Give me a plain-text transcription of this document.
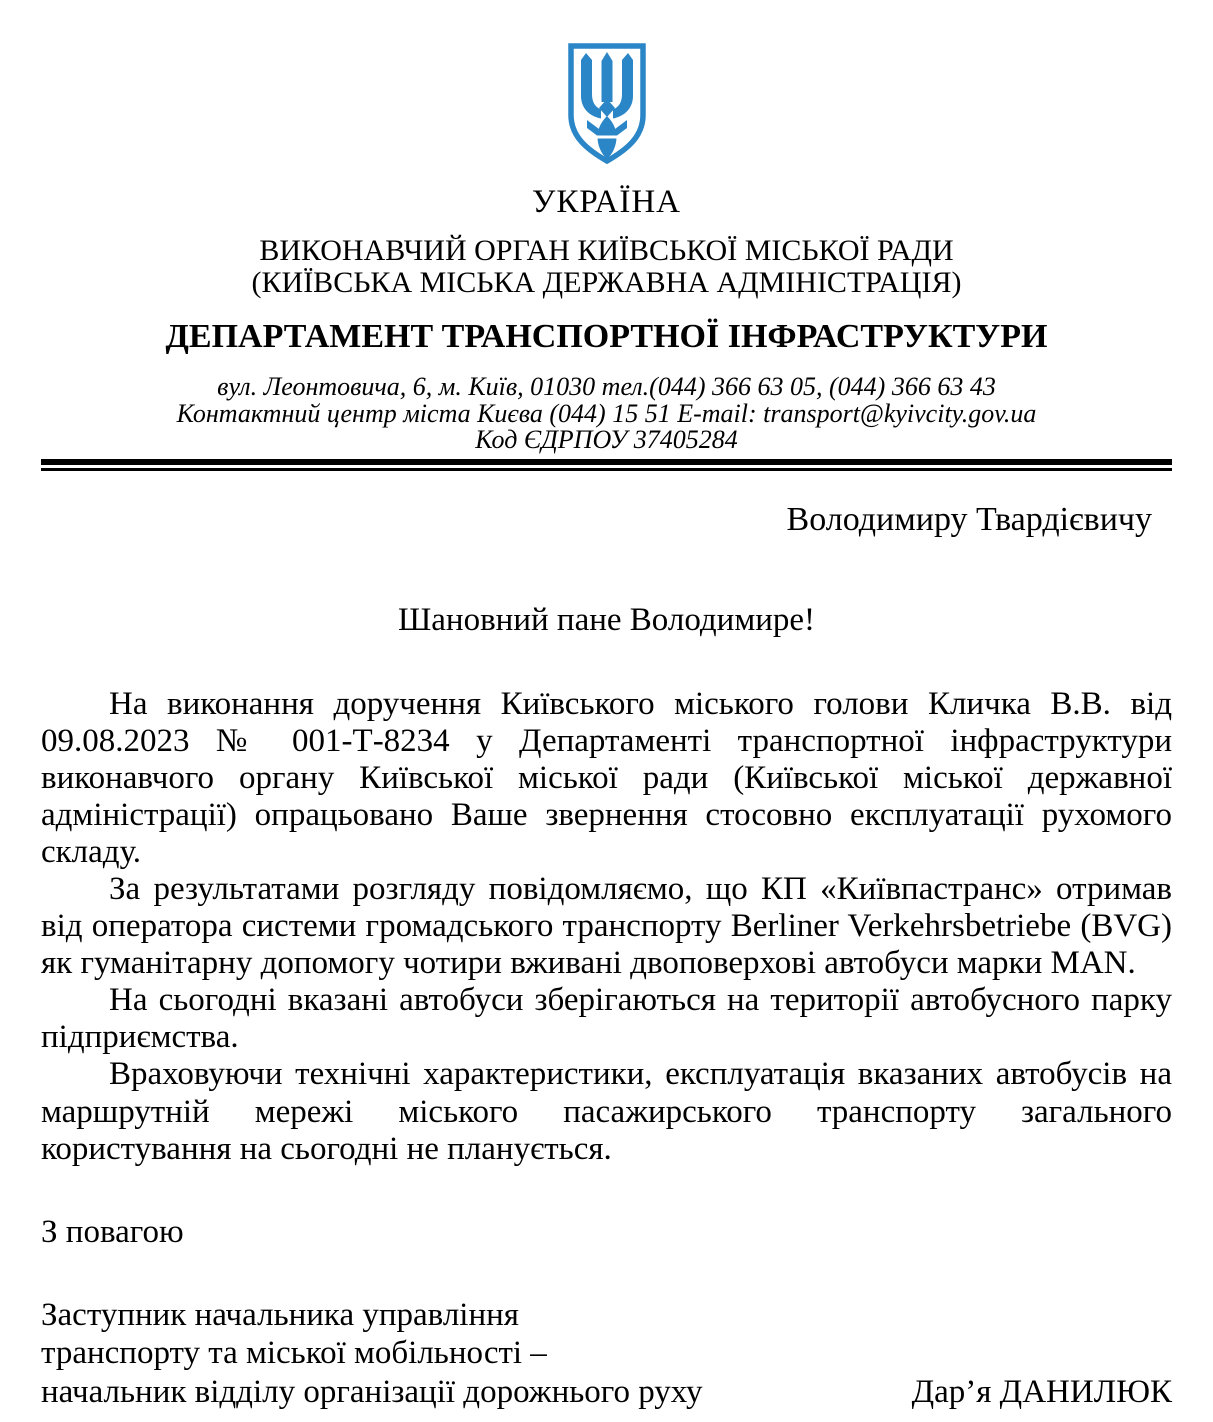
УКРАЇНА
ВИКОНАВЧИЙ ОРГАН КИЇВСЬКОЇ МІСЬКОЇ РАДИ
(КИЇВСЬКА МІСЬКА ДЕРЖАВНА АДМІНІСТРАЦІЯ)
ДЕПАРТАМЕНТ ТРАНСПОРТНОЇ ІНФРАСТРУКТУРИ
вул. Леонтовича, 6, м. Київ, 01030 тел.(044) 366 63 05, (044) 366 63 43
Контактний центр міста Києва (044) 15 51 E-mail: transport@kyivcity.gov.ua
Код ЄДРПОУ 37405284
Володимиру Твардієвичу
Шановний пане Володимире!

На виконання доручення Київського міського голови Кличка В.В. від 09.08.2023 № 001-Т-8234 у Департаменті транспортної інфраструктури виконавчого органу Київської міської ради (Київської міської державної адміністрації) опрацьовано Ваше звернення стосовно експлуатації рухомого складу.

За результатами розгляду повідомляємо, що КП «Київпастранс» отримав від оператора системи громадського транспорту Berliner Verkehrsbetriebe (BVG) як гуманітарну допомогу чотири вживані двоповерхові автобуси марки MAN.

На сьогодні вказані автобуси зберігаються на території автобусного парку підприємства.

Враховуючи технічні характеристики, експлуатація вказаних автобусів на маршрутній мережі міського пасажирського транспорту загального користування на сьогодні не планується.

З повагою
Заступник начальника управління
транспорту та міської мобільності –
начальник відділу організації дорожнього руху	Дар’я ДАНИЛЮК
